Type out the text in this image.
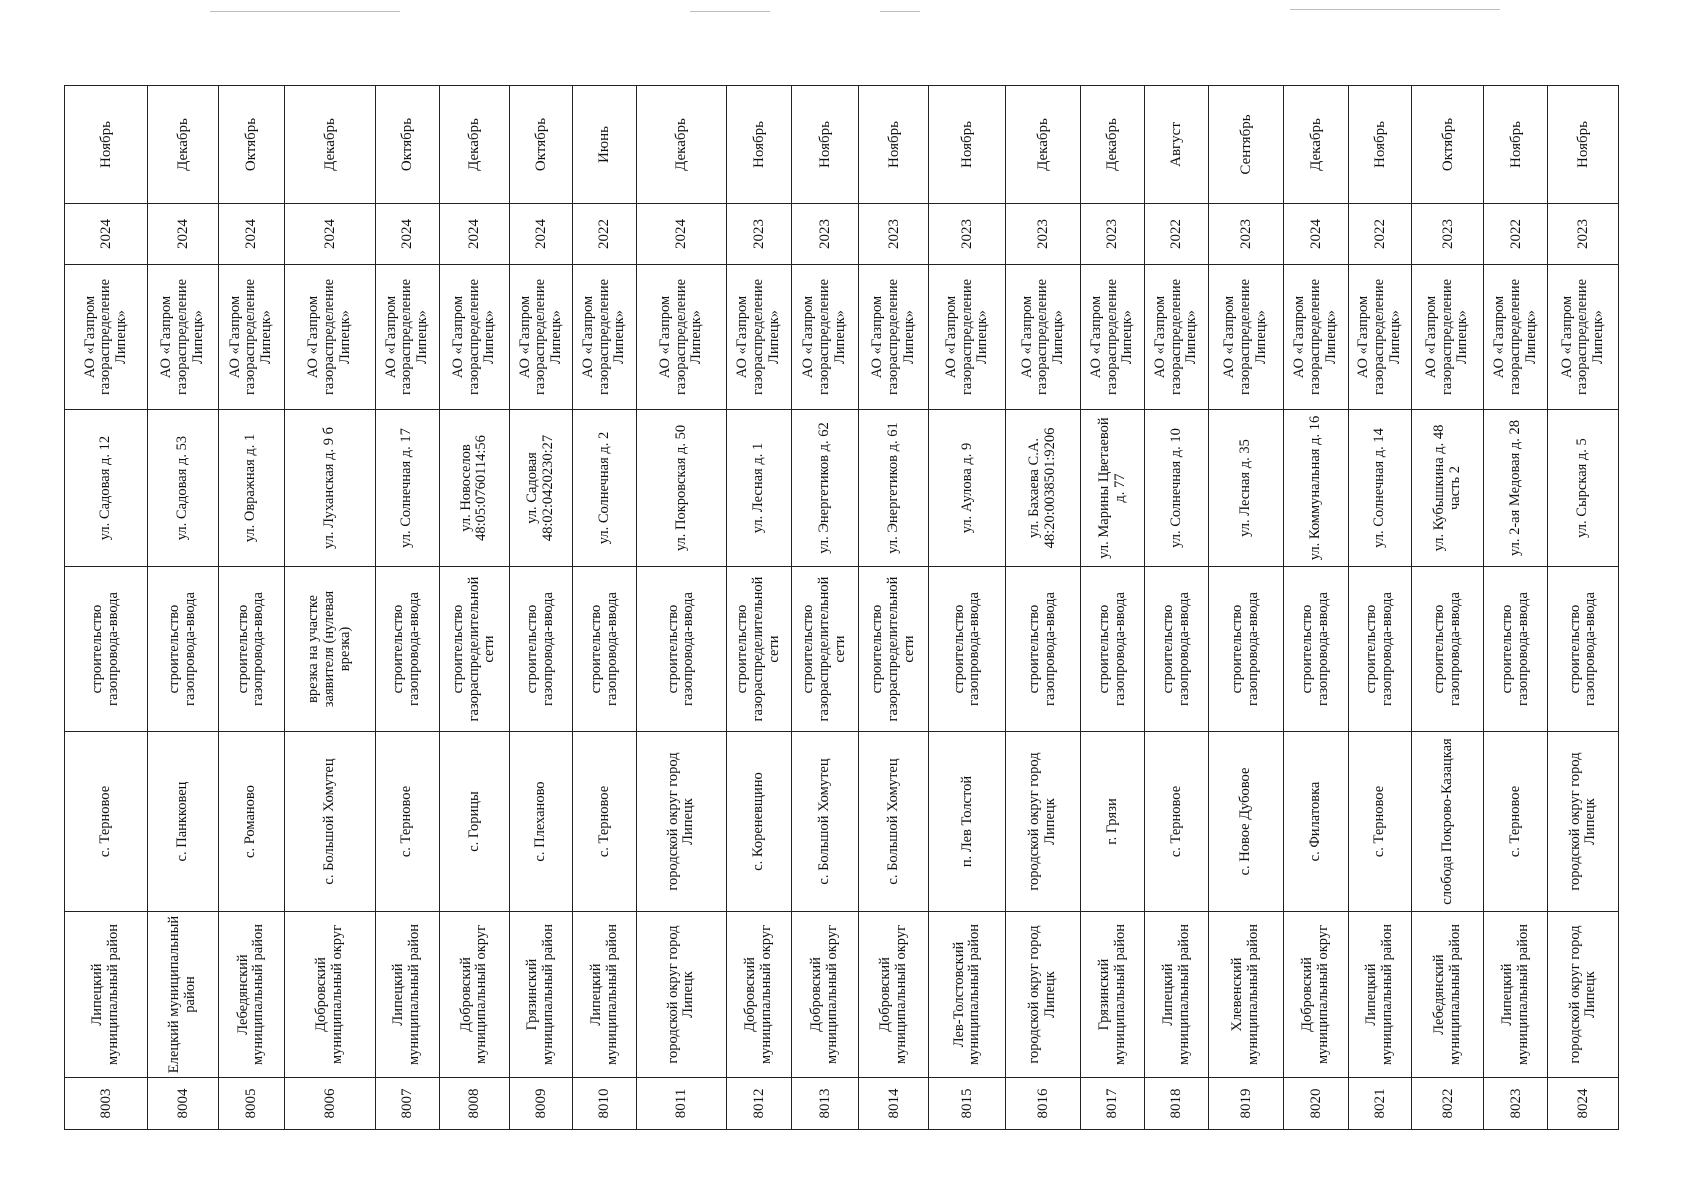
8003	Липецкий муниципальный район	с. Терновое	строительство газопровода-ввода	ул. Садовая д. 12	АО «Газпром газораспределение Липецк»	2024	Ноябрь
8004	Елецкий муниципальный район	с. Панкковец	строительство газопровода-ввода	ул. Садовая д. 53	АО «Газпром газораспределение Липецк»	2024	Декабрь
8005	Лебедянский муниципальный район	с. Романово	строительство газопровода-ввода	ул. Овражная д. 1	АО «Газпром газораспределение Липецк»	2024	Октябрь
8006	Добровский муниципальный округ	с. Большой Хомутец	врезка на участке заявителя (нулевая врезка)	ул. Луханская д. 9 б	АО «Газпром газораспределение Липецк»	2024	Декабрь
8007	Липецкий муниципальный район	с. Терновое	строительство газопровода-ввода	ул. Солнечная д. 17	АО «Газпром газораспределение Липецк»	2024	Октябрь
8008	Добровский муниципальный округ	с. Горицы	строительство газораспределительной сети	ул. Новоселов 48:05:0760114:56	АО «Газпром газораспределение Липецк»	2024	Декабрь
8009	Грязинский муниципальный район	с. Плеханово	строительство газопровода-ввода	ул. Садовая 48:02:0420230:27	АО «Газпром газораспределение Липецк»	2024	Октябрь
8010	Липецкий муниципальный район	с. Терновое	строительство газопровода-ввода	ул. Солнечная д. 2	АО «Газпром газораспределение Липецк»	2022	Июнь
8011	городской округ город Липецк	городской округ город Липецк	строительство газопровода-ввода	ул. Покровская д. 50	АО «Газпром газораспределение Липецк»	2024	Декабрь
8012	Добровский муниципальный округ	с. Кореневщино	строительство газораспределительной сети	ул. Лесная д. 1	АО «Газпром газораспределение Липецк»	2023	Ноябрь
8013	Добровский муниципальный округ	с. Большой Хомутец	строительство газораспределительной сети	ул. Энергетиков д. 62	АО «Газпром газораспределение Липецк»	2023	Ноябрь
8014	Добровский муниципальный округ	с. Большой Хомутец	строительство газораспределительной сети	ул. Энергетиков д. 61	АО «Газпром газораспределение Липецк»	2023	Ноябрь
8015	Лев-Толстовский муниципальный район	п. Лев Толстой	строительство газопровода-ввода	ул. Аулова д. 9	АО «Газпром газораспределение Липецк»	2023	Ноябрь
8016	городской округ город Липецк	городской округ город Липецк	строительство газопровода-ввода	ул. Бахаева С.А. 48:20:0038501:9206	АО «Газпром газораспределение Липецк»	2023	Декабрь
8017	Грязинский муниципальный район	г. Грязи	строительство газопровода-ввода	ул. Марины Цветаевой д. 77	АО «Газпром газораспределение Липецк»	2023	Декабрь
8018	Липецкий муниципальный район	с. Терновое	строительство газопровода-ввода	ул. Солнечная д. 10	АО «Газпром газораспределение Липецк»	2022	Август
8019	Хлевенский муниципальный район	с. Новое Дубовое	строительство газопровода-ввода	ул. Лесная д. 35	АО «Газпром газораспределение Липецк»	2023	Сентябрь
8020	Добровский муниципальный округ	с. Филатовка	строительство газопровода-ввода	ул. Коммунальная д. 16	АО «Газпром газораспределение Липецк»	2024	Декабрь
8021	Липецкий муниципальный район	с. Терновое	строительство газопровода-ввода	ул. Солнечная д. 14	АО «Газпром газораспределение Липецк»	2022	Ноябрь
8022	Лебедянский муниципальный район	слобода Покрово-Казацкая	строительство газопровода-ввода	ул. Кубышкина д. 48 часть 2	АО «Газпром газораспределение Липецк»	2023	Октябрь
8023	Липецкий муниципальный район	с. Терновое	строительство газопровода-ввода	ул. 2-ая Медовая д. 28	АО «Газпром газораспределение Липецк»	2022	Ноябрь
8024	городской округ город Липецк	городской округ город Липецк	строительство газопровода-ввода	ул. Сырская д. 5	АО «Газпром газораспределение Липецк»	2023	Ноябрь
